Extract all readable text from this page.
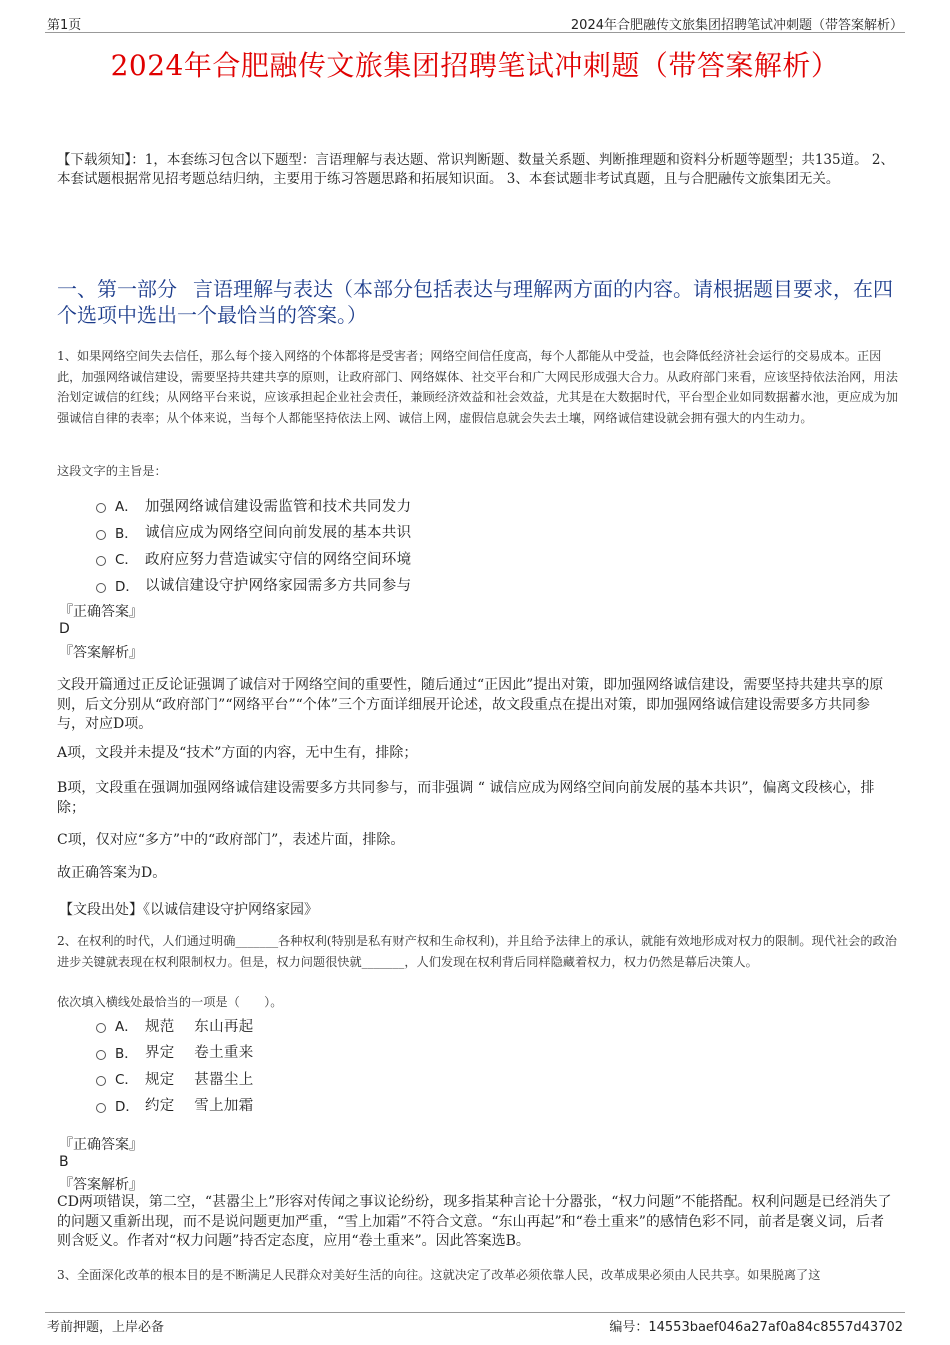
第1页	2024年合肥融传文旅集团招聘笔试冲刺题（带答案解析）
2024年合肥融传文旅集团招聘笔试冲刺题（带答案解析）
【下载须知】：1，本套练习包含以下题型：言语理解与表达题、常识判断题、数量关系题、判断推理题和资料分析题等题型；共135道。 2、本套试题根据常见招考题总结归纳，主要用于练习答题思路和拓展知识面。 3、本套试题非考试真题，且与合肥融传文旅集团无关。
一、第一部分 言语理解与表达（本部分包括表达与理解两方面的内容。请根据题目要求，在四个选项中选出一个最恰当的答案。）
1、如果网络空间失去信任，那么每个接入网络的个体都将是受害者；网络空间信任度高，每个人都能从中受益，也会降低经济社会运行的交易成本。正因此，加强网络诚信建设，需要坚持共建共享的原则，让政府部门、网络媒体、社交平台和广大网民形成强大合力。从政府部门来看，应该坚持依法治网，用法治划定诚信的红线；从网络平台来说，应该承担起企业社会责任，兼顾经济效益和社会效益，尤其是在大数据时代，平台型企业如同数据蓄水池，更应成为加强诚信自律的表率；从个体来说，当每个人都能坚持依法上网、诚信上网，虚假信息就会失去土壤，网络诚信建设就会拥有强大的内生动力。
这段文字的主旨是：
A． 加强网络诚信建设需监管和技术共同发力
B． 诚信应成为网络空间向前发展的基本共识
C． 政府应努力营造诚实守信的网络空间环境
D． 以诚信建设守护网络家园需多方共同参与
『正确答案』
D
『答案解析』
文段开篇通过正反论证强调了诚信对于网络空间的重要性，随后通过“正因此”提出对策，即加强网络诚信建设，需要坚持共建共享的原则，后文分别从“政府部门”“网络平台”“个体”三个方面详细展开论述，故文段重点在提出对策，即加强网络诚信建设需要多方共同参与，对应D项。
A项，文段并未提及“技术”方面的内容，无中生有，排除；
B项，文段重在强调加强网络诚信建设需要多方共同参与，而非强调 “ 诚信应成为网络空间向前发展的基本共识”，偏离文段核心，排除；
C项，仅对应“多方”中的“政府部门”，表述片面，排除。
故正确答案为D。
【文段出处】《以诚信建设守护网络家园》
2、在权利的时代，人们通过明确_______各种权利(特别是私有财产权和生命权利)，并且给予法律上的承认，就能有效地形成对权力的限制。现代社会的政治进步关键就表现在权利限制权力。但是，权力问题很快就_______，人们发现在权利背后同样隐藏着权力，权力仍然是幕后决策人。
依次填入横线处最恰当的一项是（　　）。
A． 规范　 东山再起
B． 界定　 卷土重来
C． 规定　 甚嚣尘上
D． 约定　 雪上加霜
『正确答案』
B
『答案解析』
CD两项错误，第二空，“甚嚣尘上”形容对传闻之事议论纷纷，现多指某种言论十分嚣张，“权力问题”不能搭配。权利问题是已经消失了的问题又重新出现，而不是说问题更加严重，“雪上加霜”不符合文意。“东山再起”和“卷土重来”的感情色彩不同，前者是褒义词，后者则含贬义。作者对“权力问题”持否定态度，应用“卷土重来”。因此答案选B。
3、全面深化改革的根本目的是不断满足人民群众对美好生活的向往。这就决定了改革必须依靠人民，改革成果必须由人民共享。如果脱离了这
考前押题，上岸必备	编号：14553baef046a27af0a84c8557d43702
